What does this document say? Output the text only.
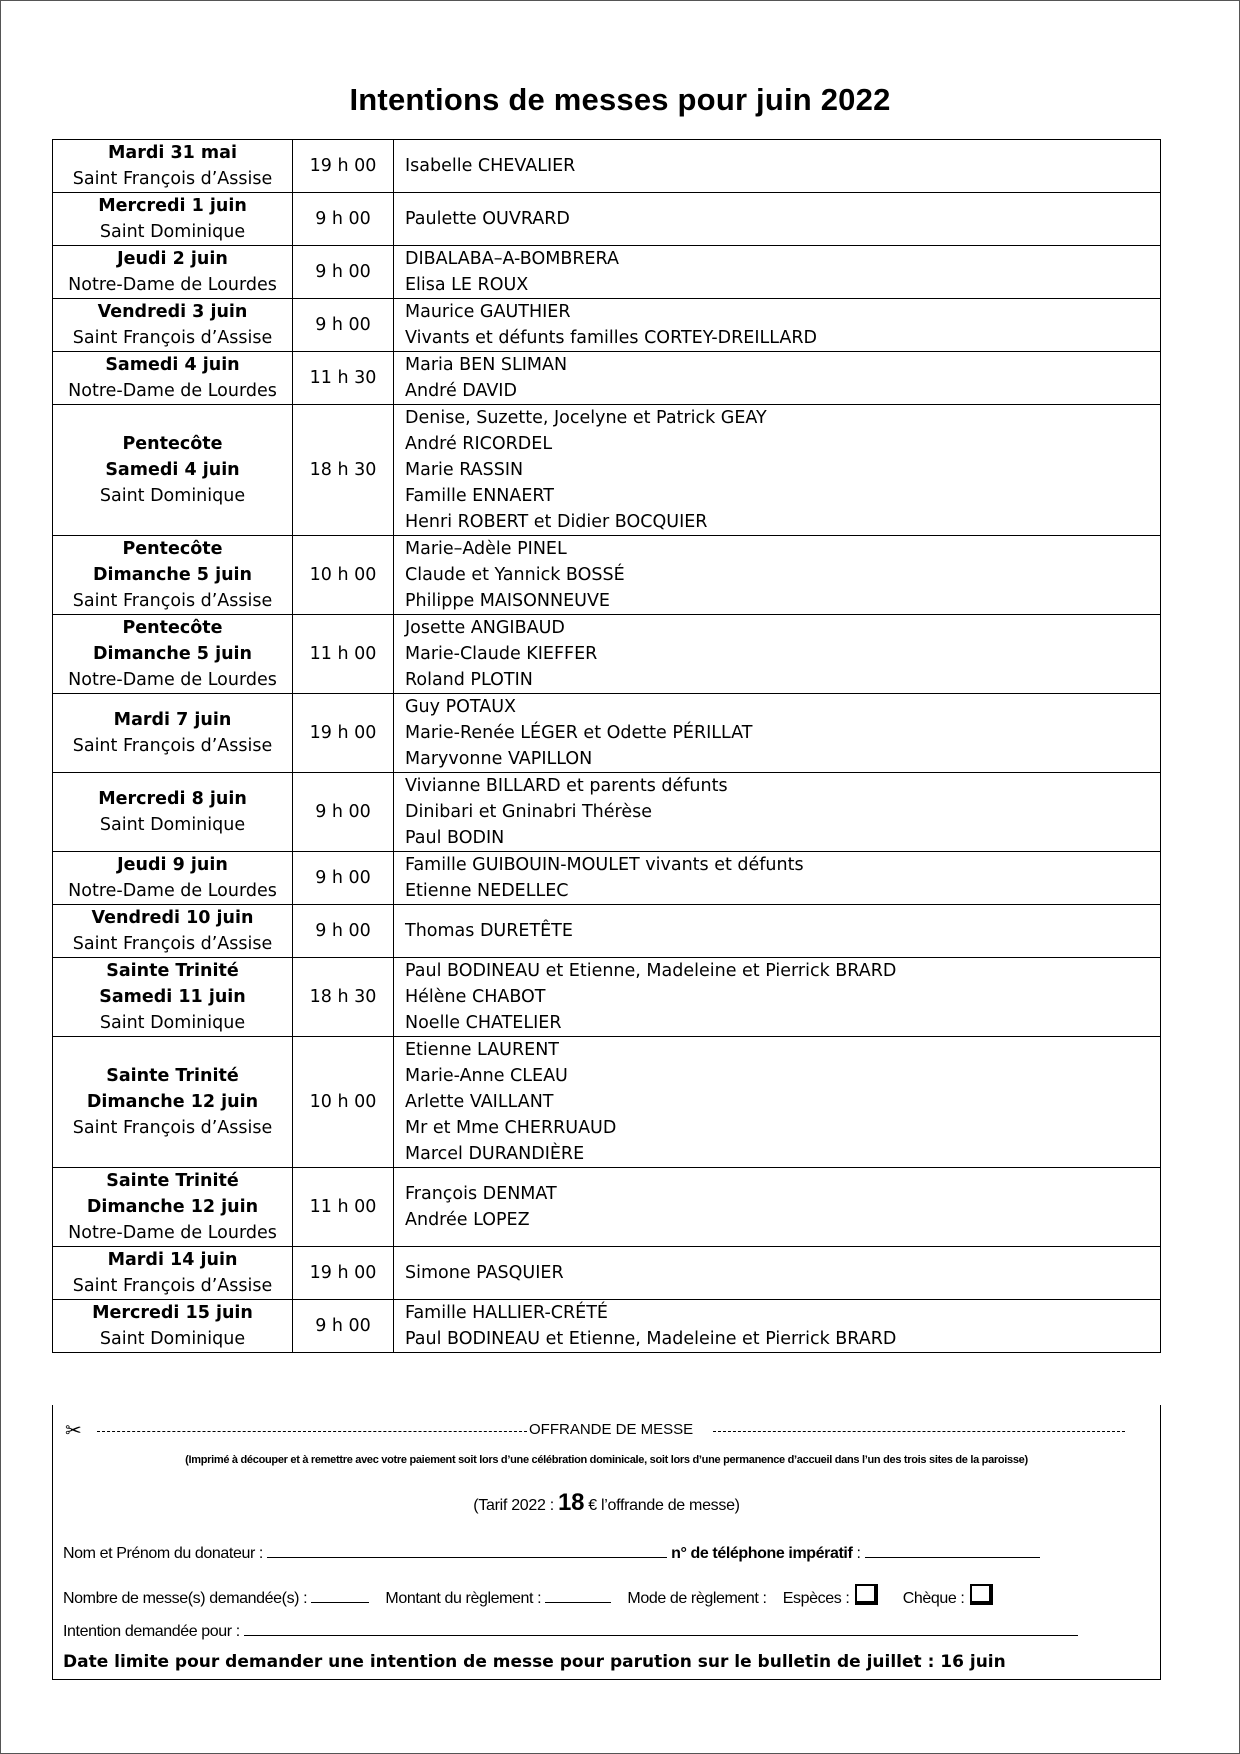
Intentions de messes pour juin 2022
Mardi 31 mai
Saint François d’Assise	19 h 00	Isabelle CHEVALIER

Mercredi 1 juin
Saint Dominique	9 h 00	Paulette OUVRARD

Jeudi 2 juin
Notre-Dame de Lourdes	9 h 00	DIBALABA–A-BOMBRERA
Elisa LE ROUX

Vendredi 3 juin
Saint François d’Assise	9 h 00	Maurice GAUTHIER
Vivants et défunts familles CORTEY-DREILLARD

Samedi 4 juin
Notre-Dame de Lourdes	11 h 30	Maria BEN SLIMAN
André DAVID

Pentecôte
Samedi 4 juin
Saint Dominique	18 h 30	Denise, Suzette, Jocelyne et Patrick GEAY
André RICORDEL
Marie RASSIN
Famille ENNAERT
Henri ROBERT et Didier BOCQUIER

Pentecôte
Dimanche 5 juin
Saint François d’Assise	10 h 00	Marie–Adèle PINEL
Claude et Yannick BOSSÉ
Philippe MAISONNEUVE

Pentecôte
Dimanche 5 juin
Notre-Dame de Lourdes	11 h 00	Josette ANGIBAUD
Marie-Claude KIEFFER
Roland PLOTIN

Mardi 7 juin
Saint François d’Assise	19 h 00	Guy POTAUX
Marie-Renée LÉGER et Odette PÉRILLAT
Maryvonne VAPILLON

Mercredi 8 juin
Saint Dominique	9 h 00	Vivianne BILLARD et parents défunts
Dinibari et Gninabri Thérèse
Paul BODIN

Jeudi 9 juin
Notre-Dame de Lourdes	9 h 00	Famille GUIBOUIN-MOULET vivants et défunts
Etienne NEDELLEC

Vendredi 10 juin
Saint François d’Assise	9 h 00	Thomas DURETÊTE

Sainte Trinité
Samedi 11 juin
Saint Dominique	18 h 30	Paul BODINEAU et Etienne, Madeleine et Pierrick BRARD
Hélène CHABOT
Noelle CHATELIER

Sainte Trinité
Dimanche 12 juin
Saint François d’Assise	10 h 00	Etienne LAURENT
Marie-Anne CLEAU
Arlette VAILLANT
Mr et Mme CHERRUAUD
Marcel DURANDIÈRE

Sainte Trinité
Dimanche 12 juin
Notre-Dame de Lourdes	11 h 00	François DENMAT
Andrée LOPEZ

Mardi 14 juin
Saint François d’Assise	19 h 00	Simone PASQUIER

Mercredi 15 juin
Saint Dominique	9 h 00	Famille HALLIER-CRÉTÉ
Paul BODINEAU et Etienne, Madeleine et Pierrick BRARD
✂	OFFRANDE DE MESSE
(Imprimé à découper et à remettre avec votre paiement soit lors d’une célébration dominicale, soit lors d’une permanence d’accueil dans l’un des trois sites de la paroisse)
(Tarif 2022 : 18 € l’offrande de messe)
Nom et Prénom du donateur :	n° de téléphone impératif :
Nombre de messe(s) demandée(s) :	Montant du règlement :	Mode de règlement : Espèces :	Chèque :
Intention demandée pour :
Date limite pour demander une intention de messe pour parution sur le bulletin de juillet : 16 juin
